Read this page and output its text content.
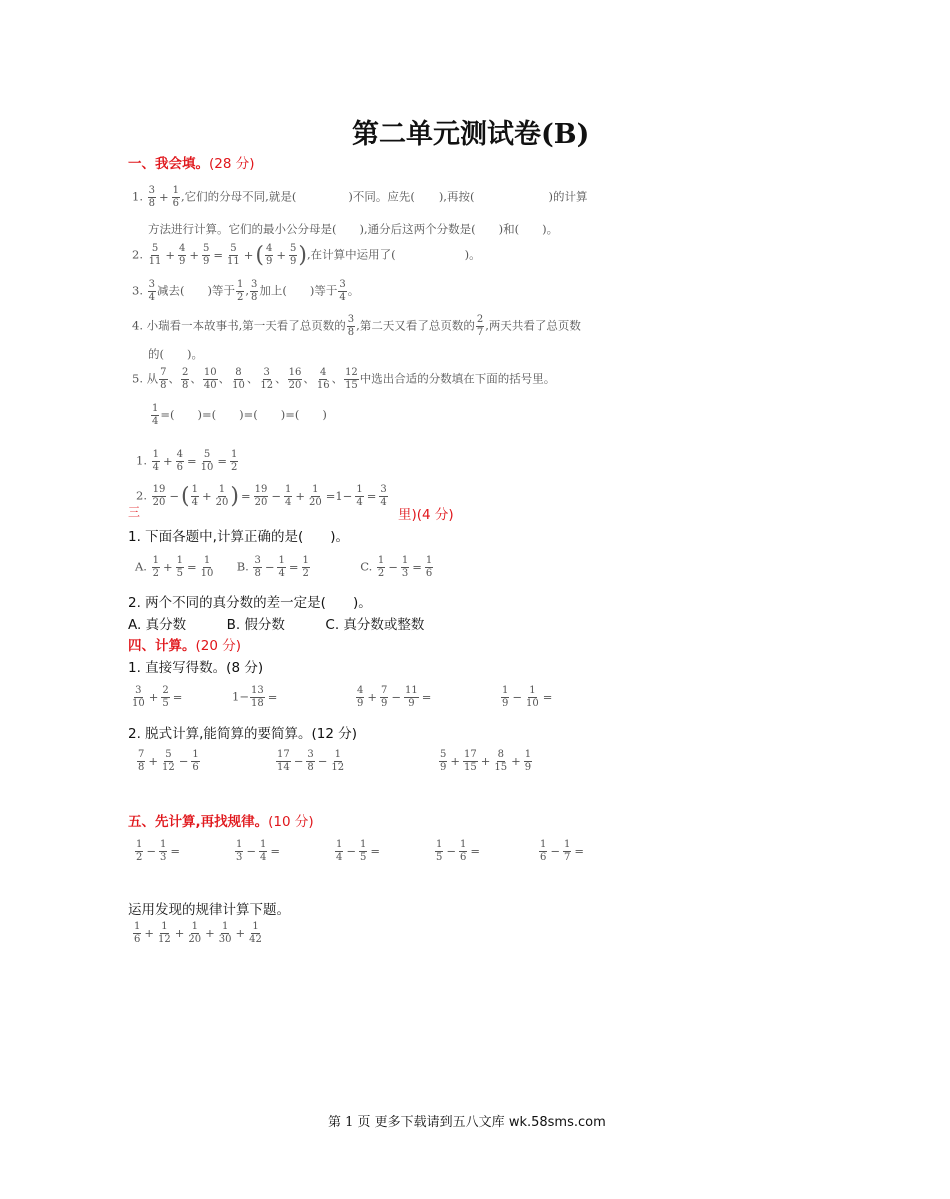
第二单元测试卷(B)
一、我会填。(28 分)
1. $\frac{3}{8} + \frac{1}{6}$ ,它们的分母不同,就是(	)不同。应先( ),再按(	)的计算
方法进行计算。它们的最小公分母是(　　),通分后这两个分数是(　　)和(　　)。
2. $\frac{5}{11} + \frac{4}{9} + \frac{5}{9} = \frac{5}{11}$ +( $\frac{4}{9} + \frac{5}{9}$ ),在计算中运用了(　　　　　　)。
3. $\frac{3}{4}$ 减去(　　)等于 $\frac{1}{2}$ , $\frac{3}{8}$ 加上(　　)等于 $\frac{3}{4}$ 。
4. 小瑞看一本故事书,第一天看了总页数的 $\frac{3}{8}$ ,第二天又看了总页数的 $\frac{2}{7}$ ,两天共看了总页数
的(　　)。
5. 从 $\frac{7}{8}$ 、 $\frac{2}{8}$ 、 $\frac{10}{40}$ 、 $\frac{8}{10}$ 、 $\frac{3}{12}$ 、 $\frac{16}{20}$ 、 $\frac{4}{16}$ 、 $\frac{12}{15}$ 中选出合适的分数填在下面的括号里。
$\frac{1}{4}$ =(　　)=(　　)=(　　)=(　　)
1. $\frac{1}{4} + \frac{4}{6} = \frac{5}{10} = \frac{1}{2}$
三
2. $\frac{19}{20}$ −( $\frac{1}{4} + \frac{1}{20}$ ) = $\frac{19}{20} - \frac{1}{4} + \frac{1}{20} =1- \frac{1}{4} = \frac{3}{4}$
里)(4 分)
1. 下面各题中,计算正确的是(　　)。
A. $\frac{1}{2} + \frac{1}{5} = \frac{1}{10} B$. $\frac{3}{8} - \frac{1}{4} = \frac{1}{2}$	C. $\frac{1}{2} - \frac{1}{3} = \frac{1}{6}$
2. 两个不同的真分数的差一定是(　　)。
A. 真分数　　　B. 假分数　　　C. 真分数或整数
四、计算。(20 分)
1. 直接写得数。(8 分)
$\frac{3}{10} + \frac{2}{5}$ =	$1- \frac{13}{18}$ =	$\frac{4}{9} + \frac{7}{9} - \frac{11}{9}$ =	$\frac{1}{9} - \frac{1}{10}$ =
2. 脱式计算,能简算的要简算。(12 分)
$\frac{7}{8} + \frac{5}{12} - \frac{1}{6}$	$\frac{17}{14} - \frac{3}{8} - \frac{1}{12}$	$\frac{5}{9} + \frac{17}{15} + \frac{8}{15} + \frac{1}{9}$
五、先计算,再找规律。(10 分)
$\frac{1}{2} - \frac{1}{3}$ =	$\frac{1}{3} - \frac{1}{4}$ =	$\frac{1}{4} - \frac{1}{5}$ =	$\frac{1}{5} - \frac{1}{6}$ =	$\frac{1}{6} - \frac{1}{7}$ =
运用发现的规律计算下题。
$\frac{1}{6} + \frac{1}{12} + \frac{1}{20} + \frac{1}{30} + \frac{1}{42}$
第 1 页 更多下载请到五八文库 wk.58sms.com
